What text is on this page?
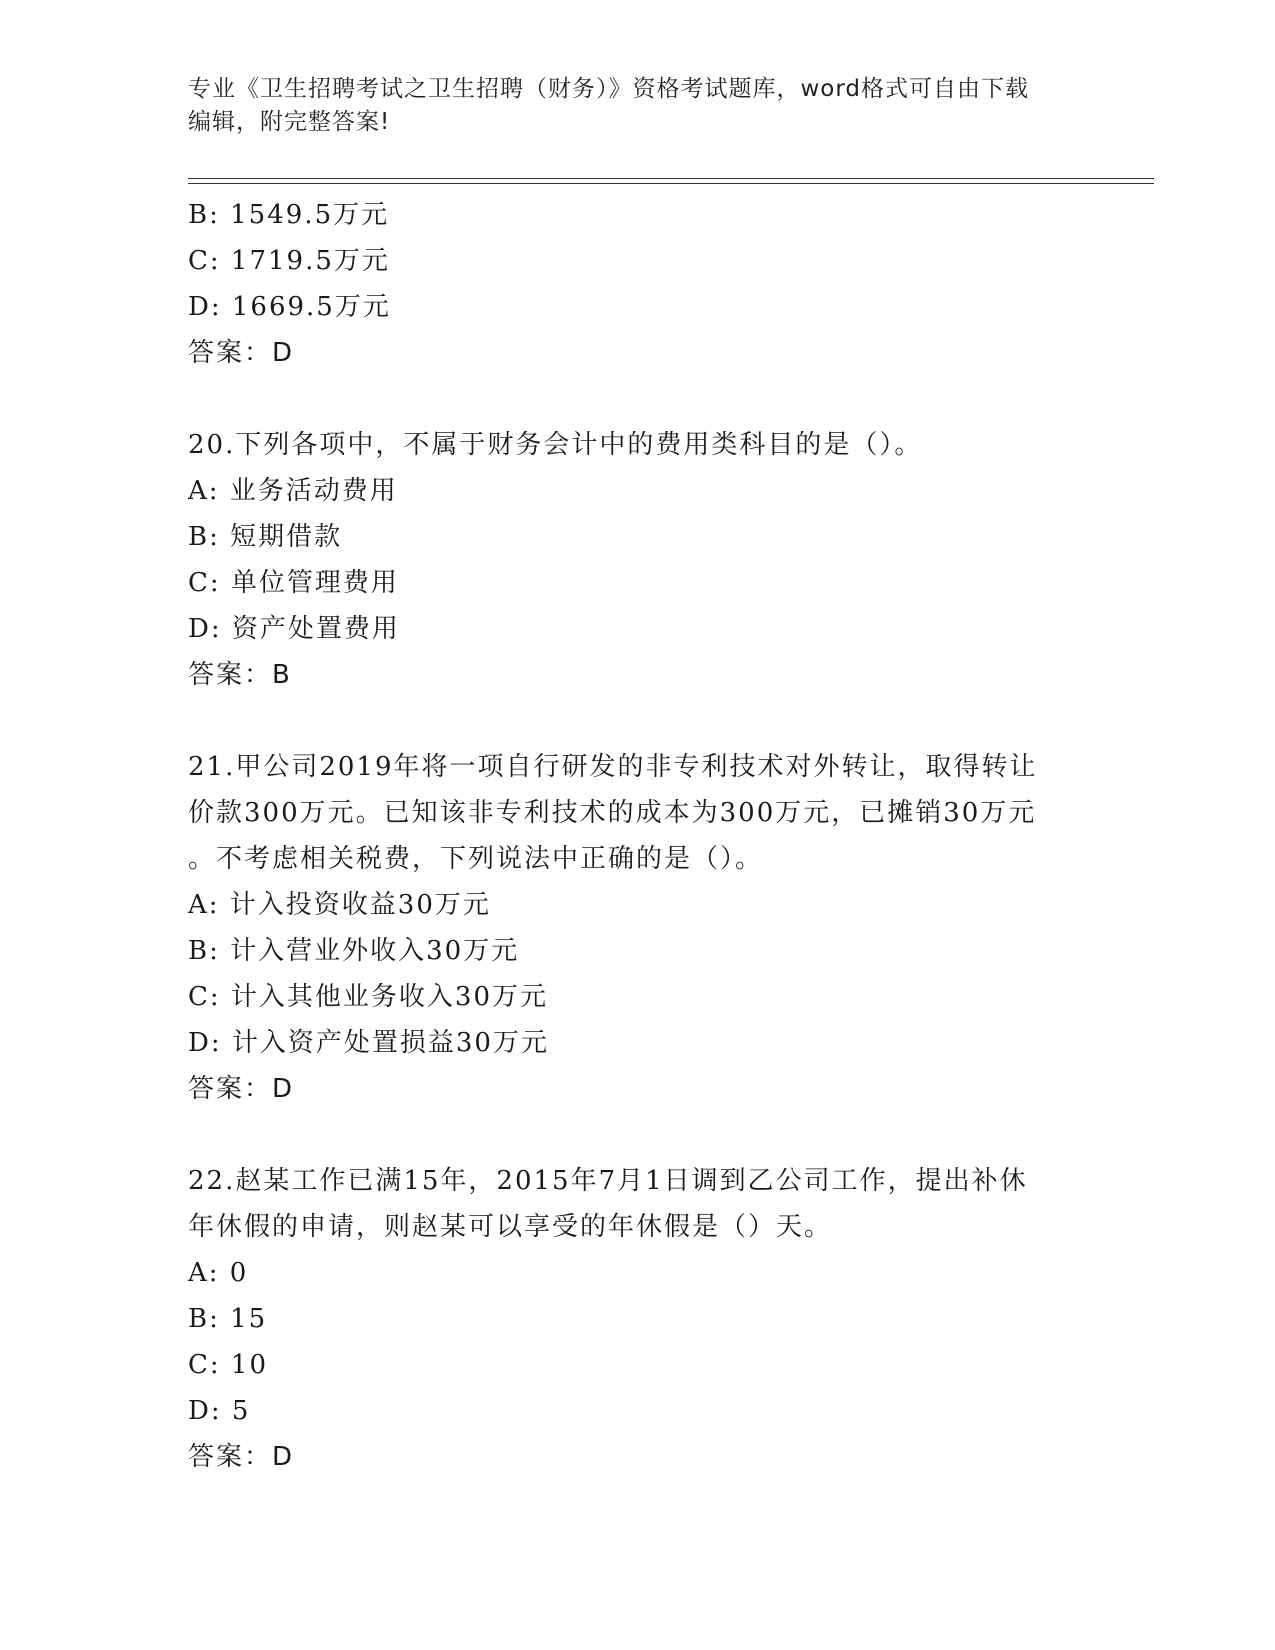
专业《卫生招聘考试之卫生招聘（财务）》资格考试题库，word格式可自由下载
编辑，附完整答案!
B: 1549.5万元
C: 1719.5万元
D: 1669.5万元
答案：D
20.下列各项中，不属于财务会计中的费用类科目的是（）。
A: 业务活动费用
B: 短期借款
C: 单位管理费用
D: 资产处置费用
答案：B
21.甲公司2019年将一项自行研发的非专利技术对外转让，取得转让
价款300万元。已知该非专利技术的成本为300万元，已摊销30万元
。不考虑相关税费，下列说法中正确的是（）。
A: 计入投资收益30万元
B: 计入营业外收入30万元
C: 计入其他业务收入30万元
D: 计入资产处置损益30万元
答案：D
22.赵某工作已满15年，2015年7月1日调到乙公司工作，提出补休
年休假的申请，则赵某可以享受的年休假是（）天。
A: 0
B: 15
C: 10
D: 5
答案：D
